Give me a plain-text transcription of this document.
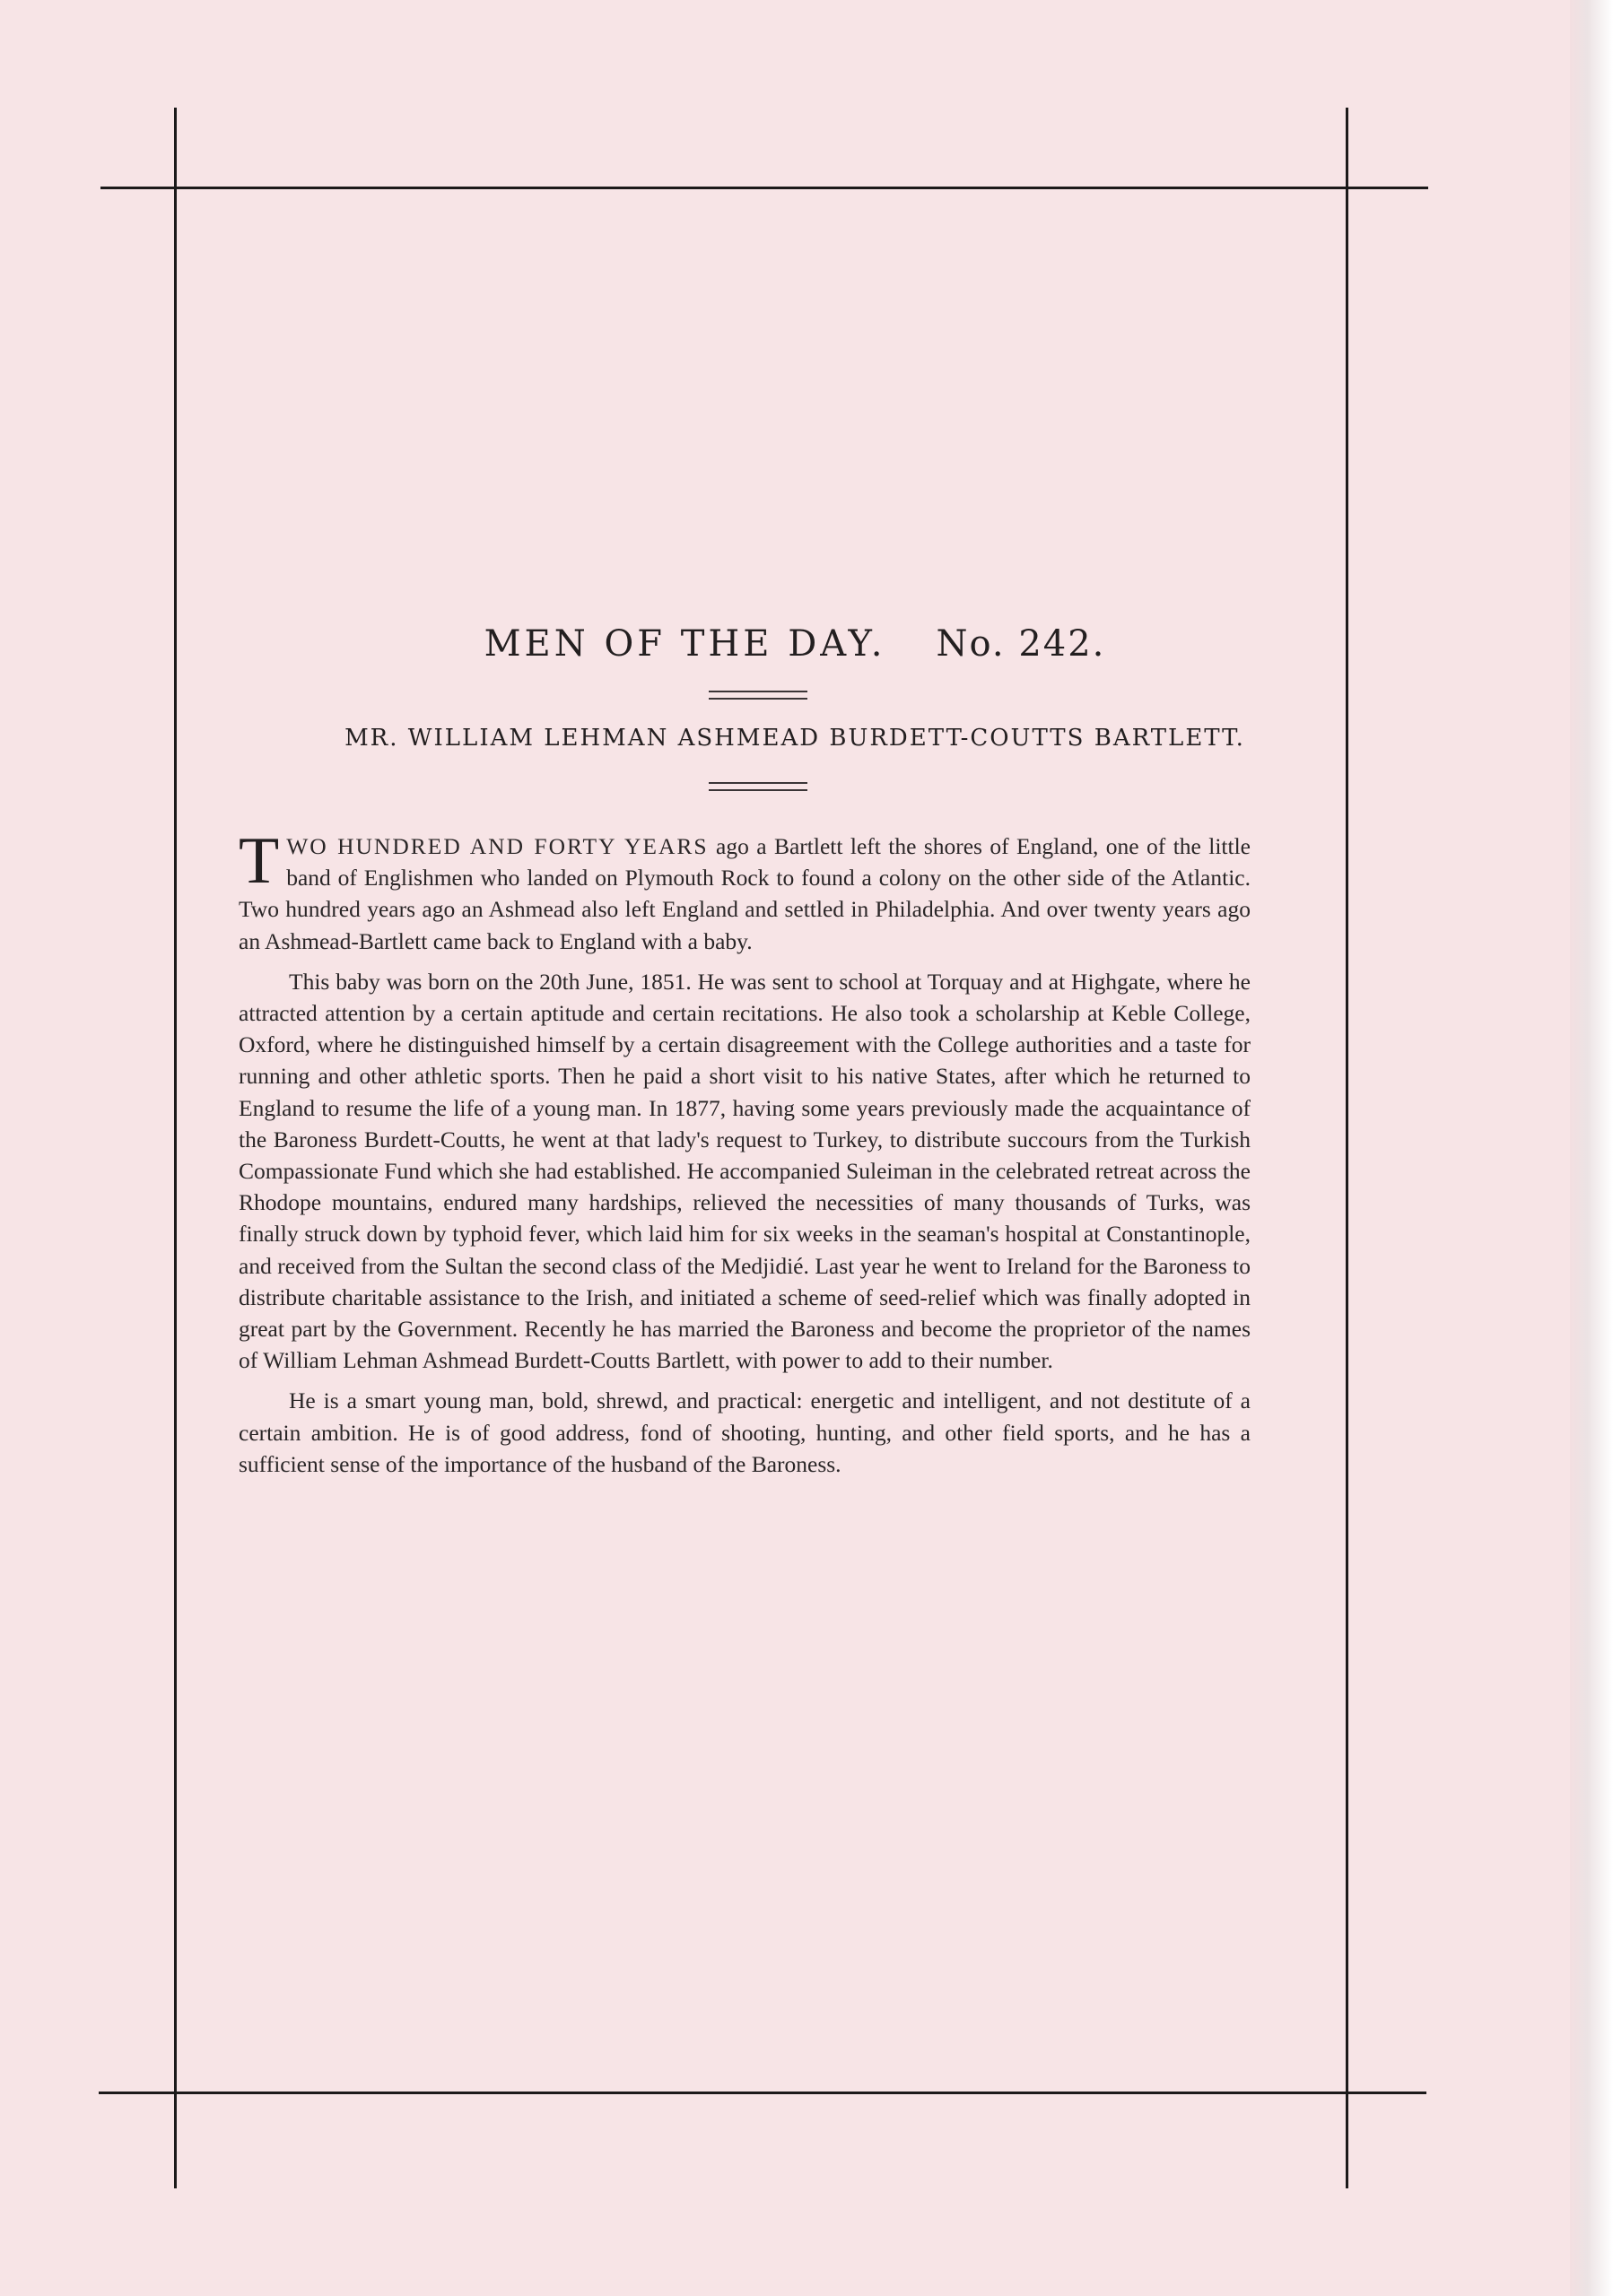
MEN OF THE DAY. No. 242.
MR. WILLIAM LEHMAN ASHMEAD BURDETT-COUTTS BARTLETT.

TWO HUNDRED AND FORTY YEARS ago a Bartlett left the shores of England, one of the little band of Englishmen who landed on Plymouth Rock to found a colony on the other side of the Atlantic. Two hundred years ago an Ashmead also left England and settled in Philadelphia. And over twenty years ago an Ashmead-Bartlett came back to England with a baby.

This baby was born on the 20th June, 1851. He was sent to school at Torquay and at Highgate, where he attracted attention by a certain aptitude and certain recitations. He also took a scholarship at Keble College, Oxford, where he distinguished himself by a certain disagreement with the College authorities and a taste for running and other athletic sports. Then he paid a short visit to his native States, after which he returned to England to resume the life of a young man. In 1877, having some years previously made the acquaintance of the Baroness Burdett-Coutts, he went at that lady's request to Turkey, to distribute succours from the Turkish Compassionate Fund which she had established. He accompanied Suleiman in the celebrated retreat across the Rhodope mountains, endured many hardships, relieved the necessities of many thousands of Turks, was finally struck down by typhoid fever, which laid him for six weeks in the seaman's hospital at Constantinople, and received from the Sultan the second class of the Medjidié. Last year he went to Ireland for the Baroness to distribute charitable assistance to the Irish, and initiated a scheme of seed-relief which was finally adopted in great part by the Government. Recently he has married the Baroness and become the proprietor of the names of William Lehman Ashmead Burdett-Coutts Bartlett, with power to add to their number.

He is a smart young man, bold, shrewd, and practical: energetic and intelligent, and not destitute of a certain ambition. He is of good address, fond of shooting, hunting, and other field sports, and he has a sufficient sense of the importance of the husband of the Baroness.
